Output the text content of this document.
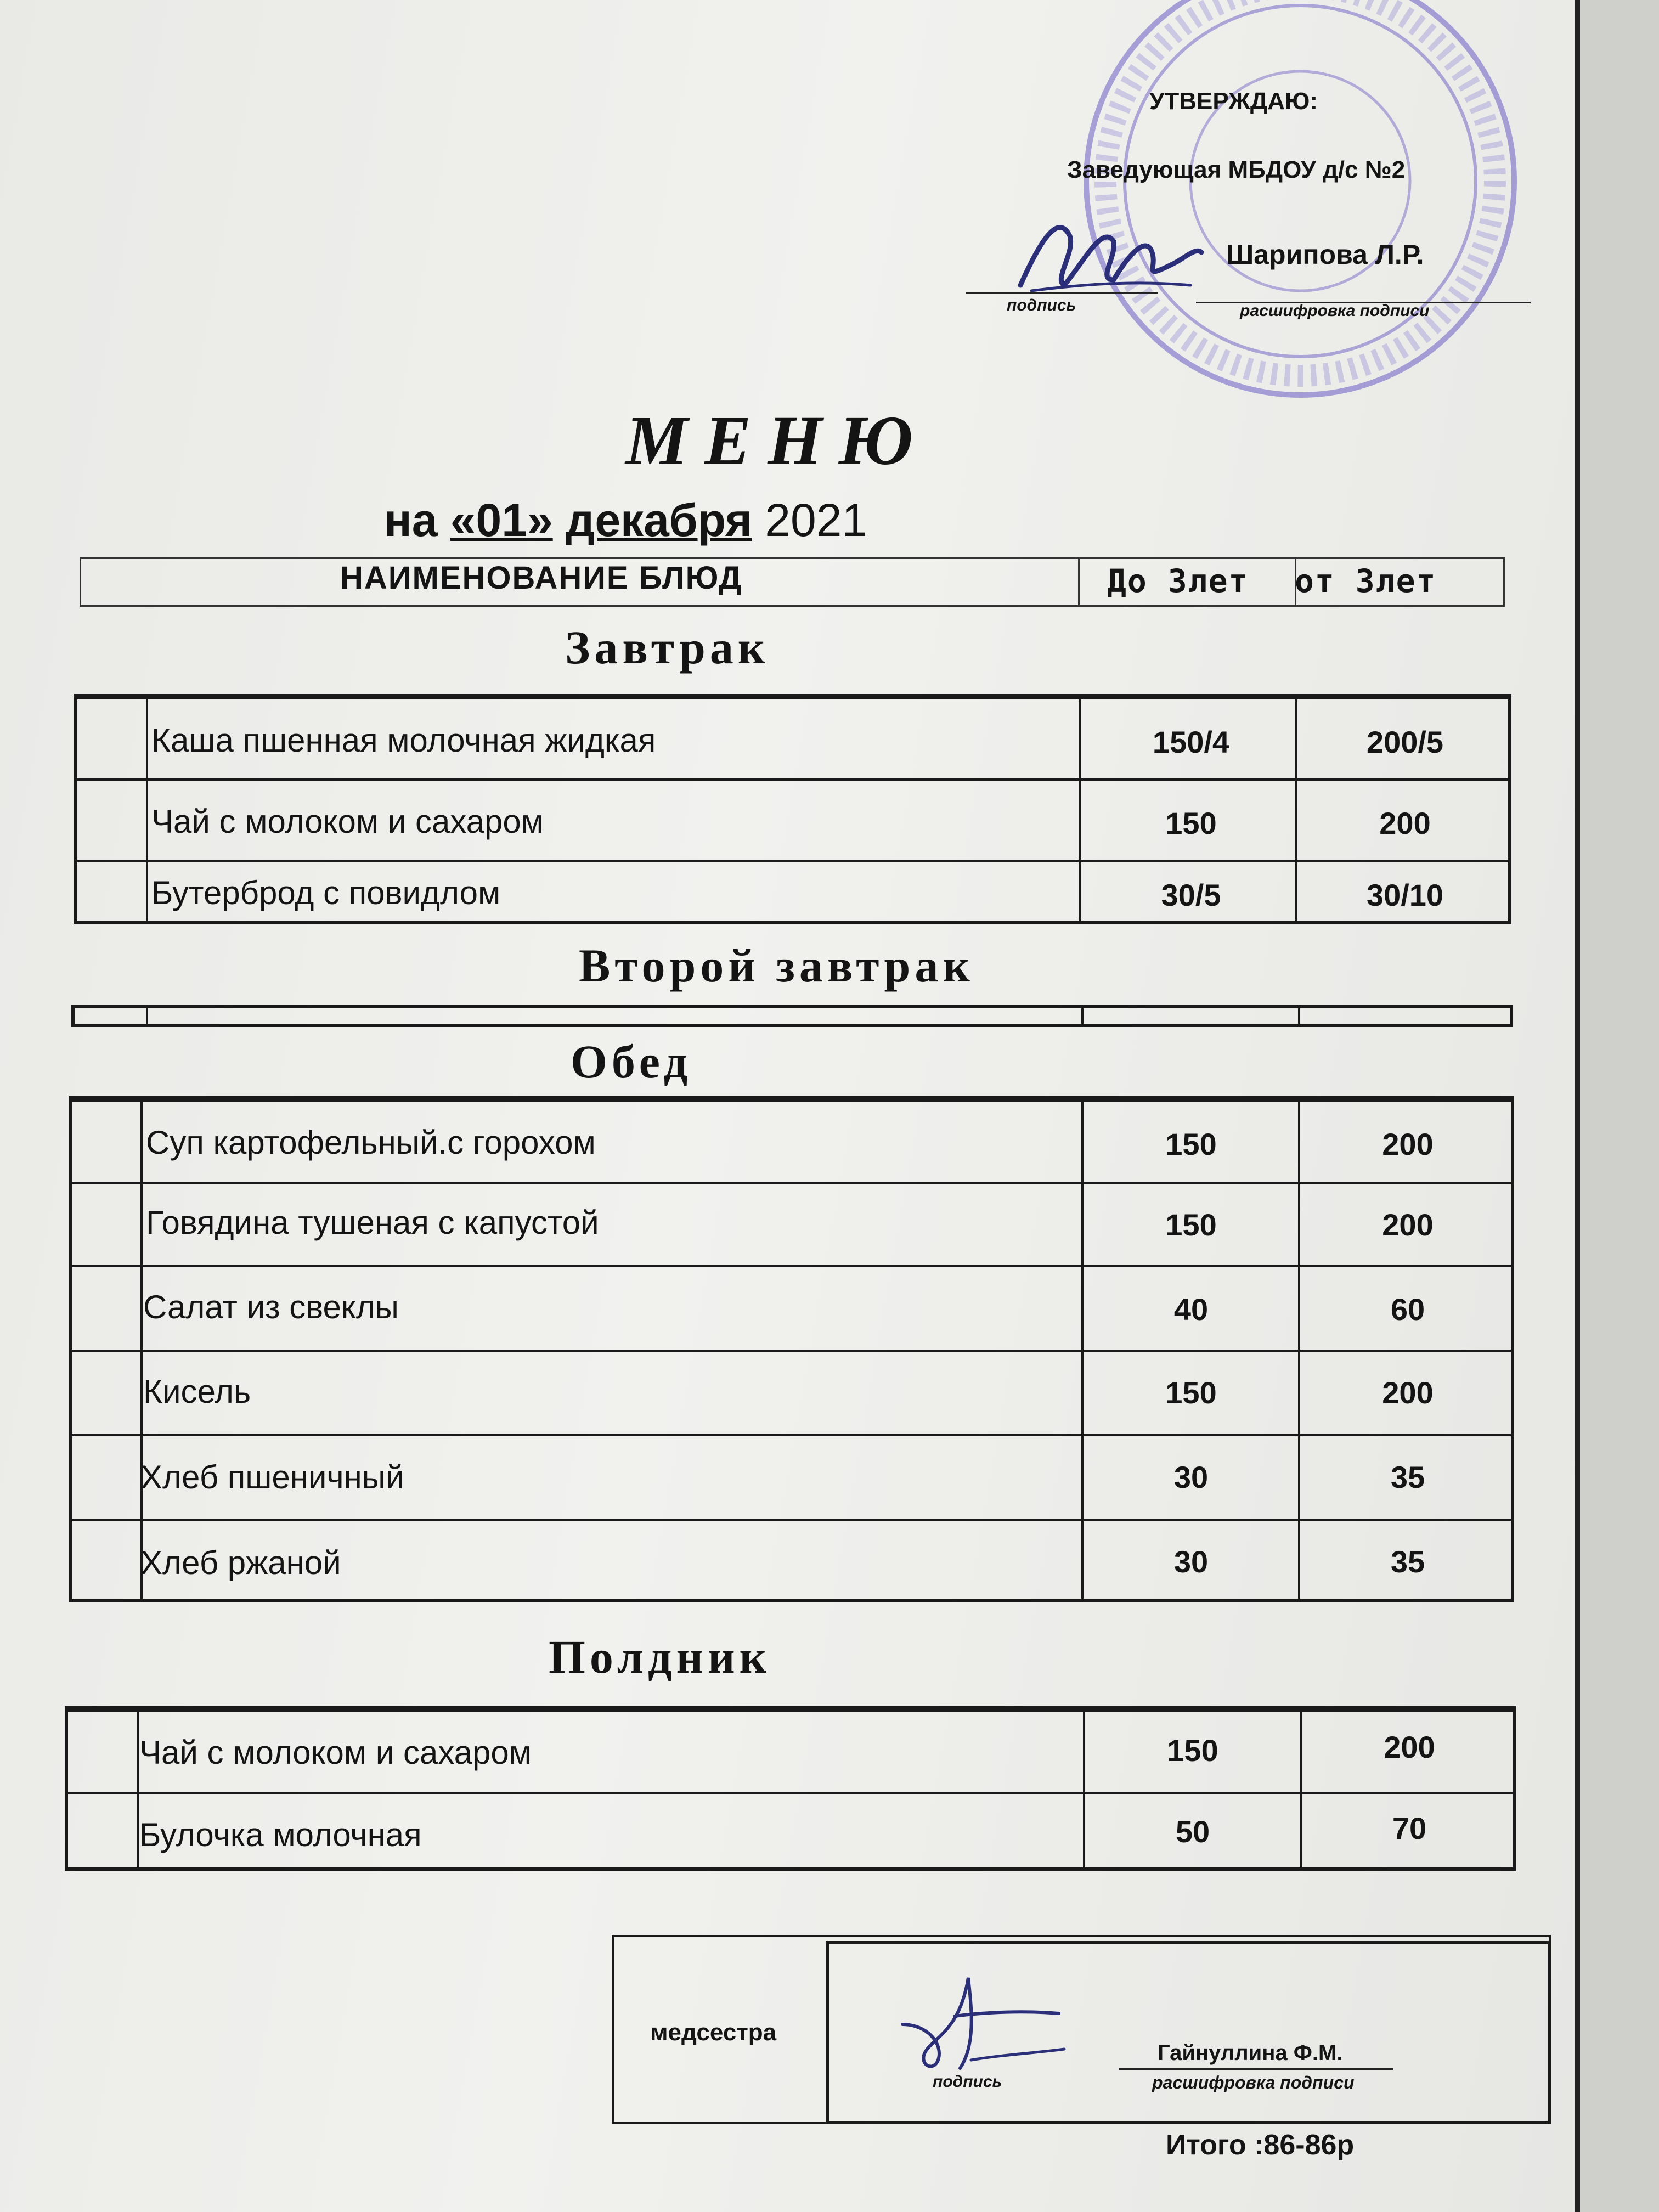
УТВЕРЖДАЮ:
Заведующая МБДОУ д/с №2
Шарипова Л.Р.
подпись	расшифровка подписи
МЕНЮ
на «01» декабря 2021
НАИМЕНОВАНИЕ БЛЮД	До 3лет от 3лет
Завтрак
Каша пшенная молочная жидкая	150/4	200/5
Чай с молоком и сахаром	150	200
Бутерброд с повидлом	30/5	30/10
Второй завтрак
Обед
Суп картофельный.с горохом	150	200
Говядина тушеная с капустой	150	200
Салат из свеклы	40	60
Кисель	150	200
Хлеб пшеничный	30	35
Хлеб ржаной	30	35
Полдник
Чай с молоком и сахаром	150	200
Булочка молочная	50	70
медсестра
Гайнуллина Ф.М.
подпись	расшифровка подписи
Итого :86-86р
